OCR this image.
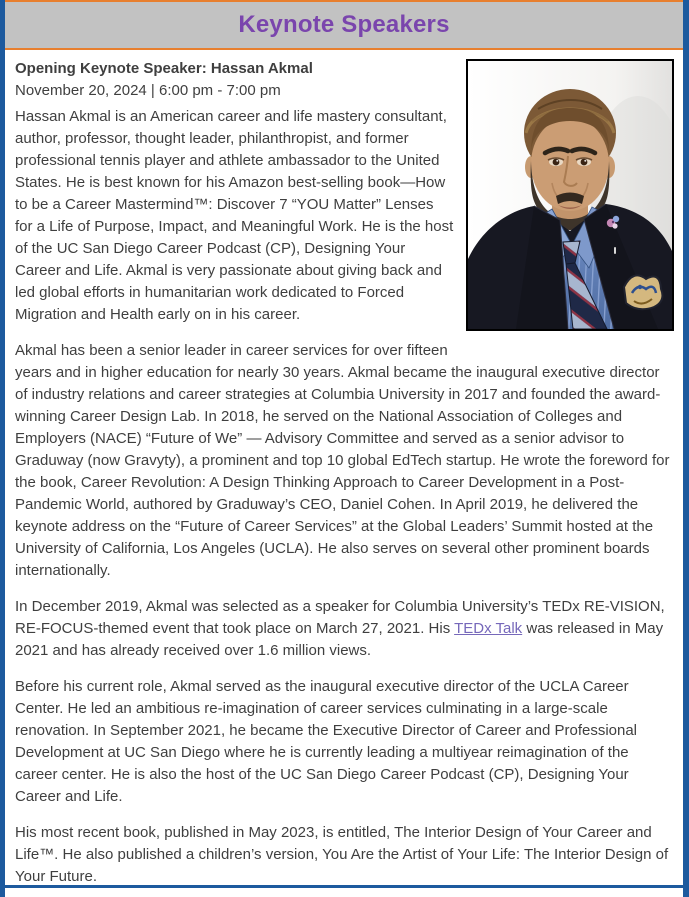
Keynote Speakers
Opening Keynote Speaker: Hassan Akmal
November 20, 2024 | 6:00 pm - 7:00 pm

Hassan Akmal is an American career and life mastery consultant, author, professor, thought leader, philanthropist, and former professional tennis player and athlete ambassador to the United States. He is best known for his Amazon best-selling book—How to be a Career Mastermind™: Discover 7 “YOU Matter” Lenses for a Life of Purpose, Impact, and Meaningful Work. He is the host of the UC San Diego Career Podcast (CP), Designing Your Career and Life. Akmal is very passionate about giving back and led global efforts in humanitarian work dedicated to Forced Migration and Health early on in his career.

Akmal has been a senior leader in career services for over fifteen years and in higher education for nearly 30 years. Akmal became the inaugural executive director of industry relations and career strategies at Columbia University in 2017 and founded the award-winning Career Design Lab. In 2018, he served on the National Association of Colleges and Employers (NACE) “Future of We” — Advisory Committee and served as a senior advisor to Graduway (now Gravyty), a prominent and top 10 global EdTech startup. He wrote the foreword for the book, Career Revolution: A Design Thinking Approach to Career Development in a Post-Pandemic World, authored by Graduway’s CEO, Daniel Cohen. In April 2019, he delivered the keynote address on the “Future of Career Services” at the Global Leaders’ Summit hosted at the University of California, Los Angeles (UCLA). He also serves on several other prominent boards internationally.

In December 2019, Akmal was selected as a speaker for Columbia University’s TEDx RE-VISION, RE-FOCUS-themed event that took place on March 27, 2021. His TEDx Talk was released in May 2021 and has already received over 1.6 million views.

Before his current role, Akmal served as the inaugural executive director of the UCLA Career Center. He led an ambitious re-imagination of career services culminating in a large-scale renovation. In September 2021, he became the Executive Director of Career and Professional Development at UC San Diego where he is currently leading a multiyear reimagination of the career center. He is also the host of the UC San Diego Career Podcast (CP), Designing Your Career and Life.

His most recent book, published in May 2023, is entitled, The Interior Design of Your Career and Life™. He also published a children’s version, You Are the Artist of Your Life: The Interior Design of Your Future.
